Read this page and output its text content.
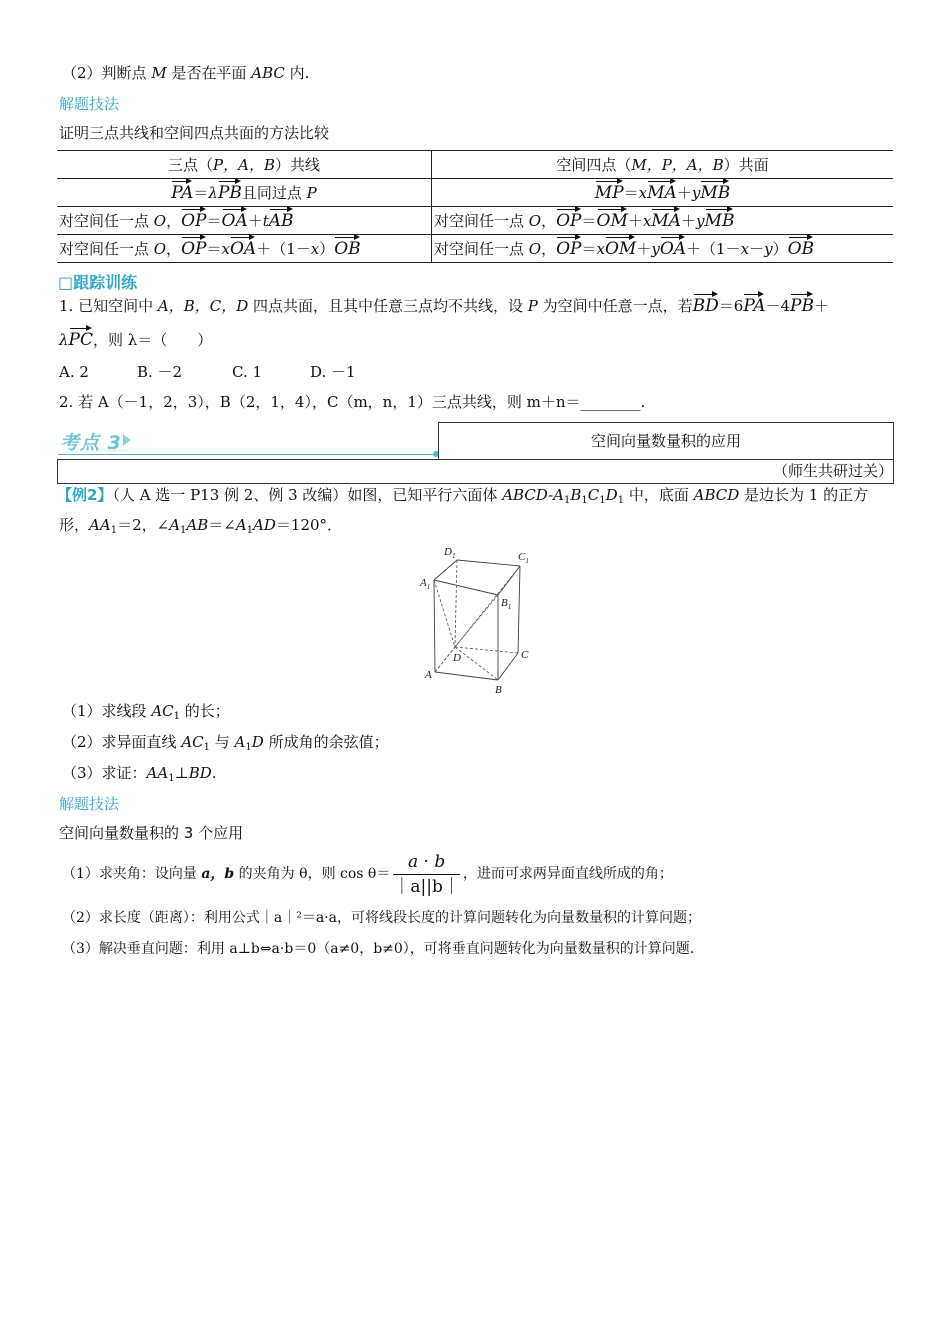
（2）判断点 M 是否在平面 ABC 内.
解题技法
证明三点共线和空间四点共面的方法比较
三点（P，A，B）共线	空间四点（M，P，A，B）共面
PA＝λPB且同过点 P	MP＝xMA＋yMB
对空间任一点 O，OP＝OA＋tAB	对空间任一点 O，OP＝OM＋xMA＋yMB
对空间任一点 O，OP＝xOA＋（1－x）OB	对空间任一点 O，OP＝xOM＋yOA＋（1－x－y）OB
□跟踪训练
1. 已知空间中 A，B，C，D 四点共面，且其中任意三点均不共线，设 P 为空间中任意一点，若BD＝6PA－4PB＋
λPC，则 λ＝（　　）
A. 2	B. －2	C. 1	D. －1
2. 若 A（－1，2，3），B（2，1，4），C（m，n，1）三点共线，则 m＋n＝________.
考点 3	空间向量数量积的应用
（师生共研过关）
【例2】（人 A 选一 P13 例 2、例 3 改编）如图，已知平行六面体 ABCD-$A_1B_1C_1D_1$ 中，底面 ABCD 是边长为 1 的正方
形，$AA_1=2$，$\angle A_1AB=\angle A_1AD=120^\circ$．
$D_1$	$C_1$
$A_1$
$B_1$
D	C
A
B
（1）求线段 $AC_1$ 的长；
（2）求异面直线 $AC_1$ 与 $A_1D$ 所成角的余弦值；
（3）求证：$AA_1\perp BD$.
解题技法
空间向量数量积的 3 个应用
（1）求夹角：设向量 a，b 的夹角为 θ，则 $\cos \theta= \frac{a \cdot b}{|a||b|}$ ，进而可求两异面直线所成的角；
（2）求长度（距离）：利用公式｜a｜²＝a·a，可将线段长度的计算问题转化为向量数量积的计算问题；
（3）解决垂直问题：利用 a⊥b⇔a·b＝0（a≠0，b≠0），可将垂直问题转化为向量数量积的计算问题.
